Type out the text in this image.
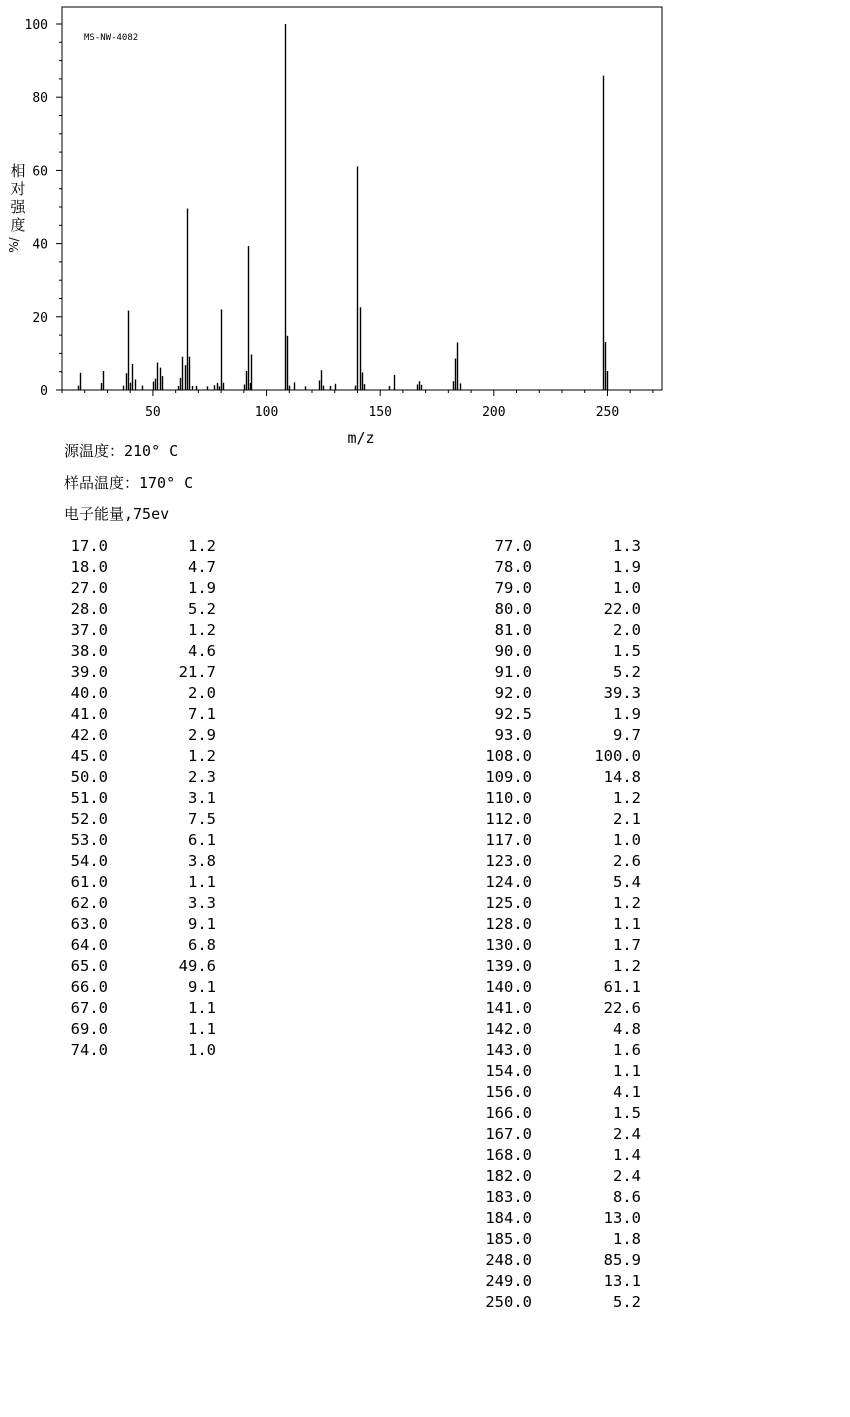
相
对
强
度
%/
0
20
40
60
80
100
50	100	150	200	250
MS-NW-4082
m/z
源温度：210° C
样品温度：170° C
电子能量,75ev
17.0	1.2
18.0	4.7
27.0	1.9
28.0	5.2
37.0	1.2
38.0	4.6
39.0	21.7
40.0	2.0
41.0	7.1
42.0	2.9
45.0	1.2
50.0	2.3
51.0	3.1
52.0	7.5
53.0	6.1
54.0	3.8
61.0	1.1
62.0	3.3
63.0	9.1
64.0	6.8
65.0	49.6
66.0	9.1
67.0	1.1
69.0	1.1
74.0	1.0
77.0	1.3
78.0	1.9
79.0	1.0
80.0	22.0
81.0	2.0
90.0	1.5
91.0	5.2
92.0	39.3
92.5	1.9
93.0	9.7
108.0	100.0
109.0	14.8
110.0	1.2
112.0	2.1
117.0	1.0
123.0	2.6
124.0	5.4
125.0	1.2
128.0	1.1
130.0	1.7
139.0	1.2
140.0	61.1
141.0	22.6
142.0	4.8
143.0	1.6
154.0	1.1
156.0	4.1
166.0	1.5
167.0	2.4
168.0	1.4
182.0	2.4
183.0	8.6
184.0	13.0
185.0	1.8
248.0	85.9
249.0	13.1
250.0	5.2
